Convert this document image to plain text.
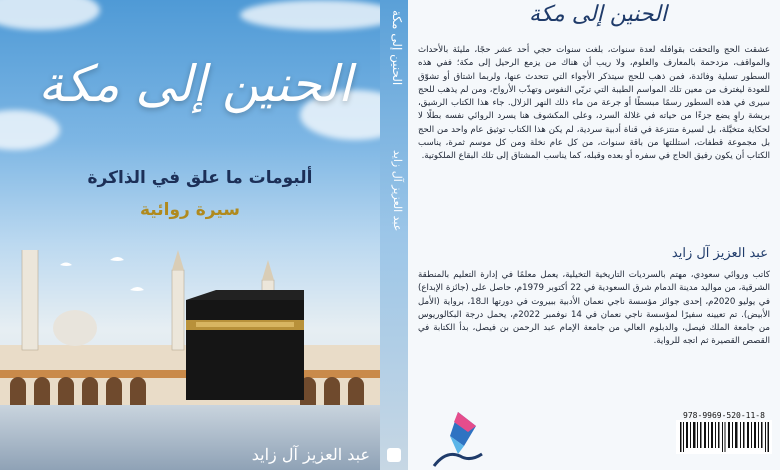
الحنين إلى مكة
ألبومات ما علق في الذاكرة
سيرة روائية
عبد العزيز آل زايد
الحنين إلى مكة
عبد العزيز آل زايد
الحنين إلى مكة
عشقت الحج والتحقت بقوافله لعدة سنوات، بلغت سنوات حجي أحد عشر حجًا، مليئة بالأحداث والمواقف، مزدحمة بالمعارف والعلوم، ولا ريب أن هناك من يزمع الرحيل إلى مكة؛ ففي هذه السطور تسلية وفائدة، فمن ذهب للحج سيتذكر الأجواء التي تتحدث عنها، ولربما اشتاق أو تشوّق للعودة ليغترف من معين تلك المواسم الطيبة التي تربّي النفوس وتهذّب الأرواح، ومن لم يذهب للحج سيرى في هذه السطور رسمًا مبسطًا أو جرعة من ماء ذلك النهر الزلال. جاء هذا الكتاب الرشيق، بريشة راوٍ يضع جزءًا من حياته في غلالة السرد، وعلى المكشوف هنا يسرد الروائي نفسه بطلًا لا لحكاية متخيَّلة، بل لسيرة منتزعة في قناة أدبية سردية، لم يكن هذا الكتاب توثيق عام واحد من الحج بل مجموعة قطفات، استللتها من باقة سنوات، من كل عام نخلة ومن كل موسم ثمرة، يناسب الكتاب أن يكون رفيق الحاج في سفره أو بعده وقبله، كما يناسب المشتاق إلى تلك البقاع الملكوتية.
عبد العزيز آل زايد
كاتب وروائي سعودي، مهتم بالسرديات التاريخية التخيلية، يعمل معلمًا في إدارة التعليم بالمنطقة الشرقية، من مواليد مدينة الدمام شرق السعودية في 22 أكتوبر 1979م، حاصل على (جائزة الإبداع) في يوليو 2020م، إحدى جوائز مؤسسة ناجي نعمان الأدبية ببيروت في دورتها الـ18، برواية (الأمل الأبيض). تم تعيينه سفيرًا لمؤسسة ناجي نعمان في 14 نوفمبر 2022م، يحمل درجة البكالوريوس من جامعة الملك فيصل، والدبلوم العالي من جامعة الإمام عبد الرحمن بن فيصل، بدأ الكتابة في القصص القصيرة ثم اتجه للرواية.
978-9969-520-11-8
